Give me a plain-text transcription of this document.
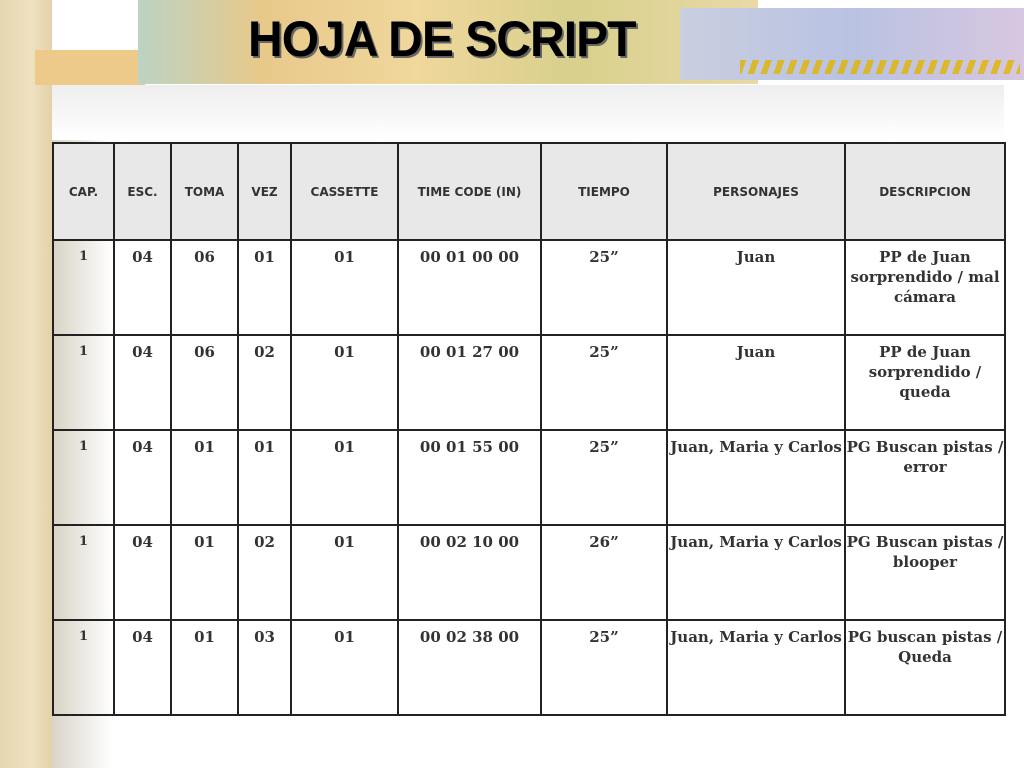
HOJA DE SCRIPT
CAP.	ESC.	TOMA	VEZ	CASSETTE	TIME CODE (IN)	TIEMPO	PERSONAJES	DESCRIPCION
1	04	06	01	01	00 01 00 00	25”	Juan	PP de Juan sorprendido / mal cámara
1	04	06	02	01	00 01 27 00	25”	Juan	PP de Juan sorprendido / queda
1	04	01	01	01	00 01 55 00	25”	Juan, Maria y Carlos	PG Buscan pistas / error
1	04	01	02	01	00 02 10 00	26”	Juan, Maria y Carlos	PG Buscan pistas / blooper
1	04	01	03	01	00 02 38 00	25”	Juan, Maria y Carlos	PG buscan pistas / Queda
